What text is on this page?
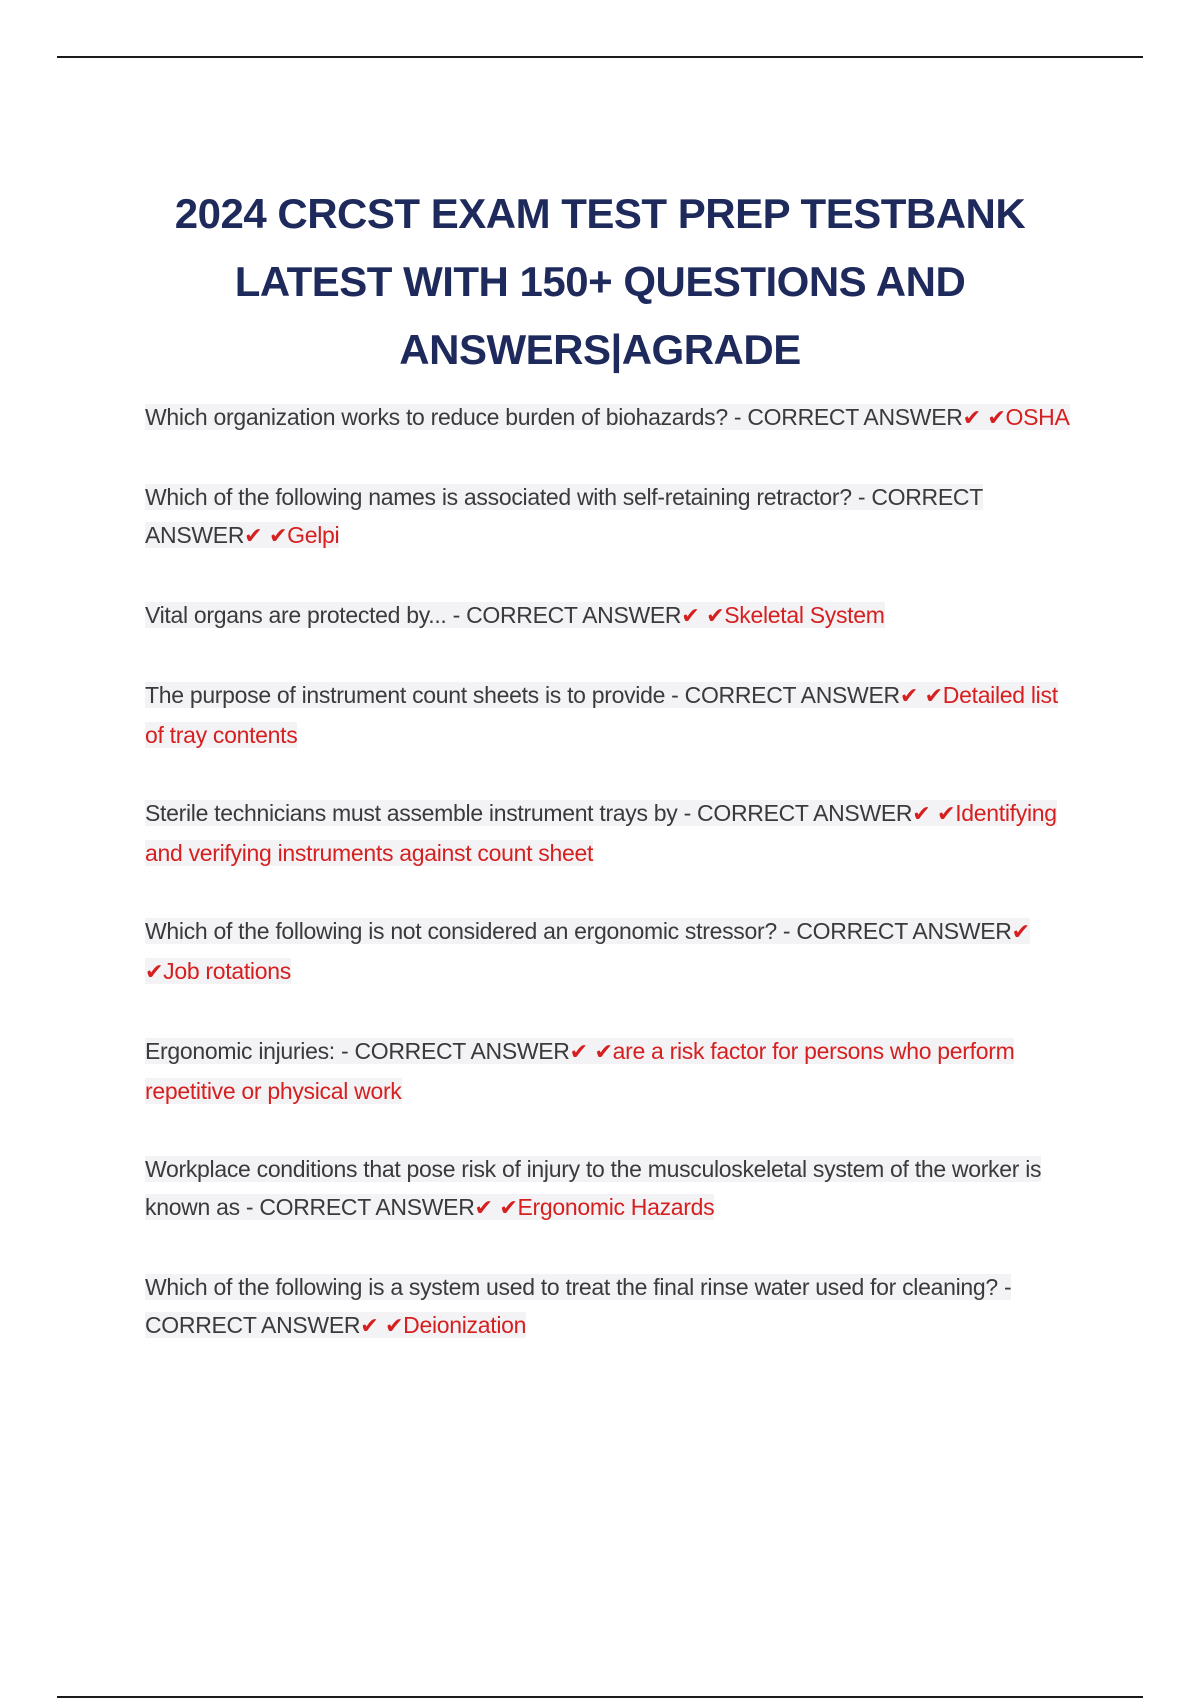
2024 CRCST EXAM TEST PREP TESTBANK LATEST WITH 150+ QUESTIONS AND ANSWERS|AGRADE

Which organization works to reduce burden of biohazards? - CORRECT ANSWER✔ ✔OSHA

Which of the following names is associated with self-retaining retractor? - CORRECT ANSWER✔ ✔Gelpi

Vital organs are protected by... - CORRECT ANSWER✔ ✔Skeletal System

The purpose of instrument count sheets is to provide - CORRECT ANSWER✔ ✔Detailed list of tray contents

Sterile technicians must assemble instrument trays by - CORRECT ANSWER✔ ✔Identifying and verifying instruments against count sheet

Which of the following is not considered an ergonomic stressor? - CORRECT ANSWER✔ ✔Job rotations

Ergonomic injuries: - CORRECT ANSWER✔ ✔are a risk factor for persons who perform repetitive or physical work

Workplace conditions that pose risk of injury to the musculoskeletal system of the worker is known as - CORRECT ANSWER✔ ✔Ergonomic Hazards

Which of the following is a system used to treat the final rinse water used for cleaning? - CORRECT ANSWER✔ ✔Deionization
